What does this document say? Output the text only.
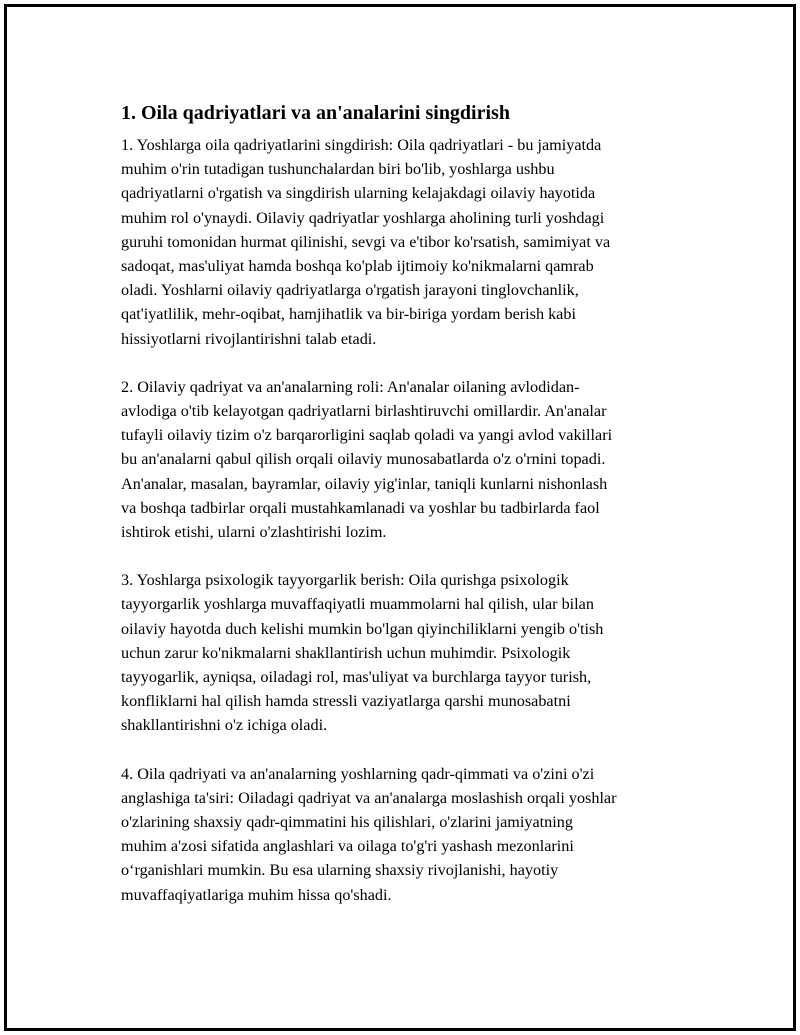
1. Oila qadriyatlari va an'analarini singdirish

1. Yoshlarga oila qadriyatlarini singdirish: Oila qadriyatlari - bu jamiyatda
muhim o'rin tutadigan tushunchalardan biri bo'lib, yoshlarga ushbu
qadriyatlarni o'rgatish va singdirish ularning kelajakdagi oilaviy hayotida
muhim rol o'ynaydi. Oilaviy qadriyatlar yoshlarga aholining turli yoshdagi
guruhi tomonidan hurmat qilinishi, sevgi va e'tibor ko'rsatish, samimiyat va
sadoqat, mas'uliyat hamda boshqa ko'plab ijtimoiy ko'nikmalarni qamrab
oladi. Yoshlarni oilaviy qadriyatlarga o'rgatish jarayoni tinglovchanlik,
qat'iyatlilik, mehr-oqibat, hamjihatlik va bir-biriga yordam berish kabi
hissiyotlarni rivojlantirishni talab etadi.

2. Oilaviy qadriyat va an'analarning roli: An'analar oilaning avlodidan-
avlodiga o'tib kelayotgan qadriyatlarni birlashtiruvchi omillardir. An'analar
tufayli oilaviy tizim o'z barqarorligini saqlab qoladi va yangi avlod vakillari
bu an'analarni qabul qilish orqali oilaviy munosabatlarda o'z o'rnini topadi.
An'analar, masalan, bayramlar, oilaviy yig'inlar, taniqli kunlarni nishonlash
va boshqa tadbirlar orqali mustahkamlanadi va yoshlar bu tadbirlarda faol
ishtirok etishi, ularni o'zlashtirishi lozim.

3. Yoshlarga psixologik tayyorgarlik berish: Oila qurishga psixologik
tayyorgarlik yoshlarga muvaffaqiyatli muammolarni hal qilish, ular bilan
oilaviy hayotda duch kelishi mumkin bo'lgan qiyinchiliklarni yengib o'tish
uchun zarur ko'nikmalarni shakllantirish uchun muhimdir. Psixologik
tayyogarlik, ayniqsa, oiladagi rol, mas'uliyat va burchlarga tayyor turish,
konfliklarni hal qilish hamda stressli vaziyatlarga qarshi munosabatni
shakllantirishni o'z ichiga oladi.

4. Oila qadriyati va an'analarning yoshlarning qadr-qimmati va o'zini o'zi
anglashiga ta'siri: Oiladagi qadriyat va an'analarga moslashish orqali yoshlar
o'zlarining shaxsiy qadr-qimmatini his qilishlari, o'zlarini jamiyatning
muhim a'zosi sifatida anglashlari va oilaga to'g'ri yashash mezonlarini
o‘rganishlari mumkin. Bu esa ularning shaxsiy rivojlanishi, hayotiy
muvaffaqiyatlariga muhim hissa qo'shadi.
